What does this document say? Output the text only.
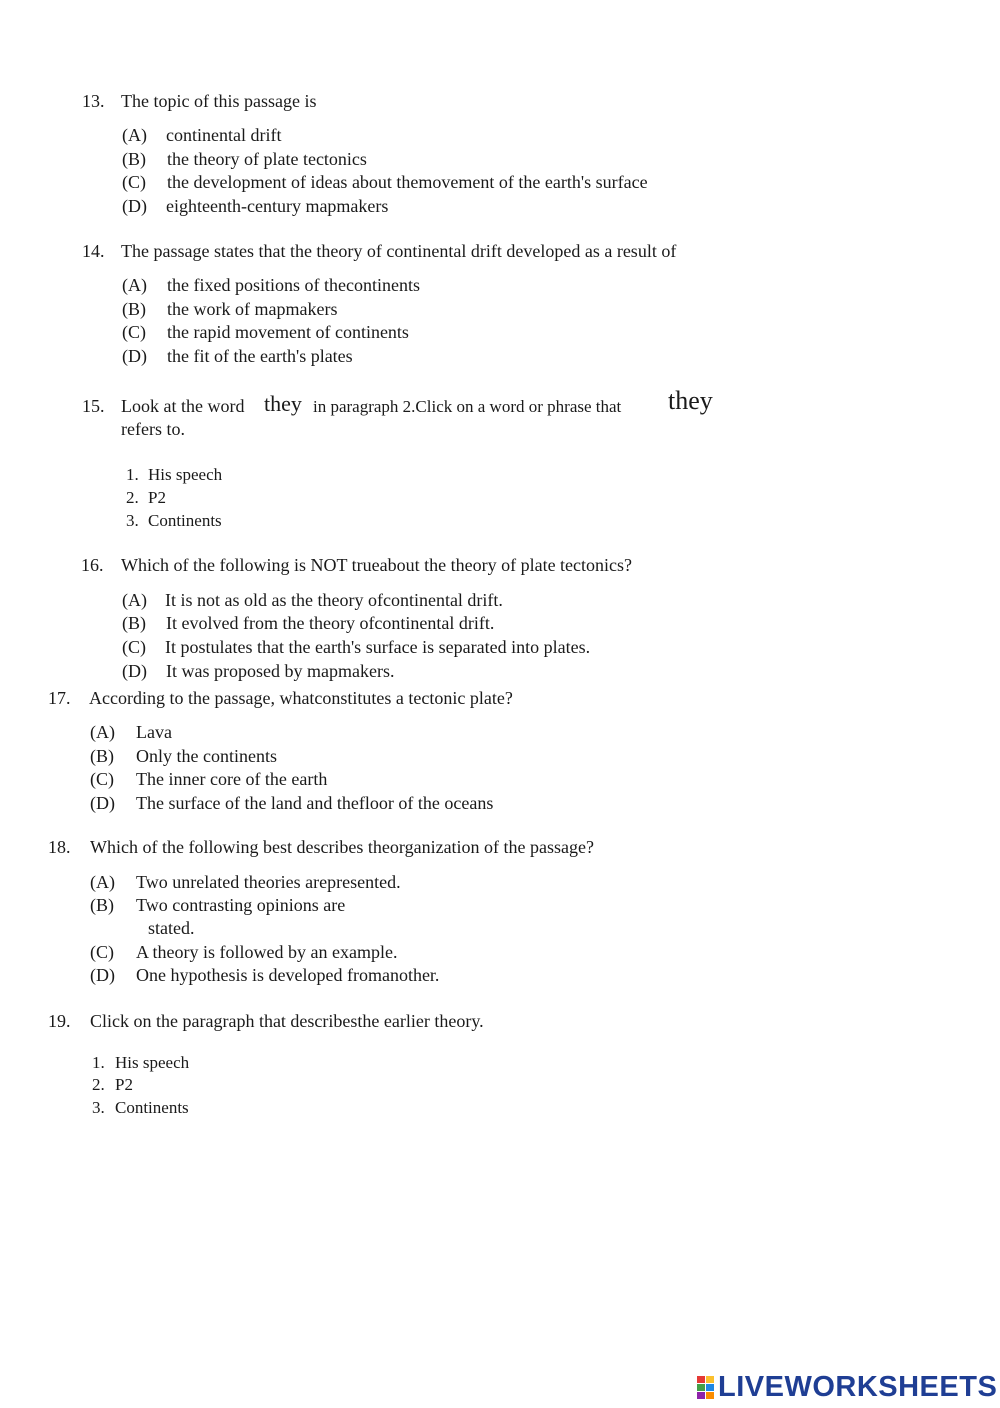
13. The topic of this passage is
(A) continental drift
(B) the theory of plate tectonics
(C) the development of ideas about themovement of the earth's surface
(D) eighteenth-century mapmakers
14. The passage states that the theory of continental drift developed as a result of
(A) the fixed positions of thecontinents
(B) the work of mapmakers
(C) the rapid movement of continents
(D) the fit of the earth's plates
15. Look at the word they in paragraph 2.Click on a word or phrase that they
refers to.
1. His speech
2. P2
3. Continents
16. Which of the following is NOT trueabout the theory of plate tectonics?
(A) It is not as old as the theory ofcontinental drift.
(B) It evolved from the theory ofcontinental drift.
(C) It postulates that the earth's surface is separated into plates.
(D) It was proposed by mapmakers.
17. According to the passage, whatconstitutes a tectonic plate?
(A) Lava
(B) Only the continents
(C) The inner core of the earth
(D) The surface of the land and thefloor of the oceans
18. Which of the following best describes theorganization of the passage?
(A) Two unrelated theories arepresented.
(B) Two contrasting opinions are
stated.
(C) A theory is followed by an example.
(D) One hypothesis is developed fromanother.
19. Click on the paragraph that describesthe earlier theory.
1. His speech
2. P2
3. Continents
LIVEWORKSHEETS
